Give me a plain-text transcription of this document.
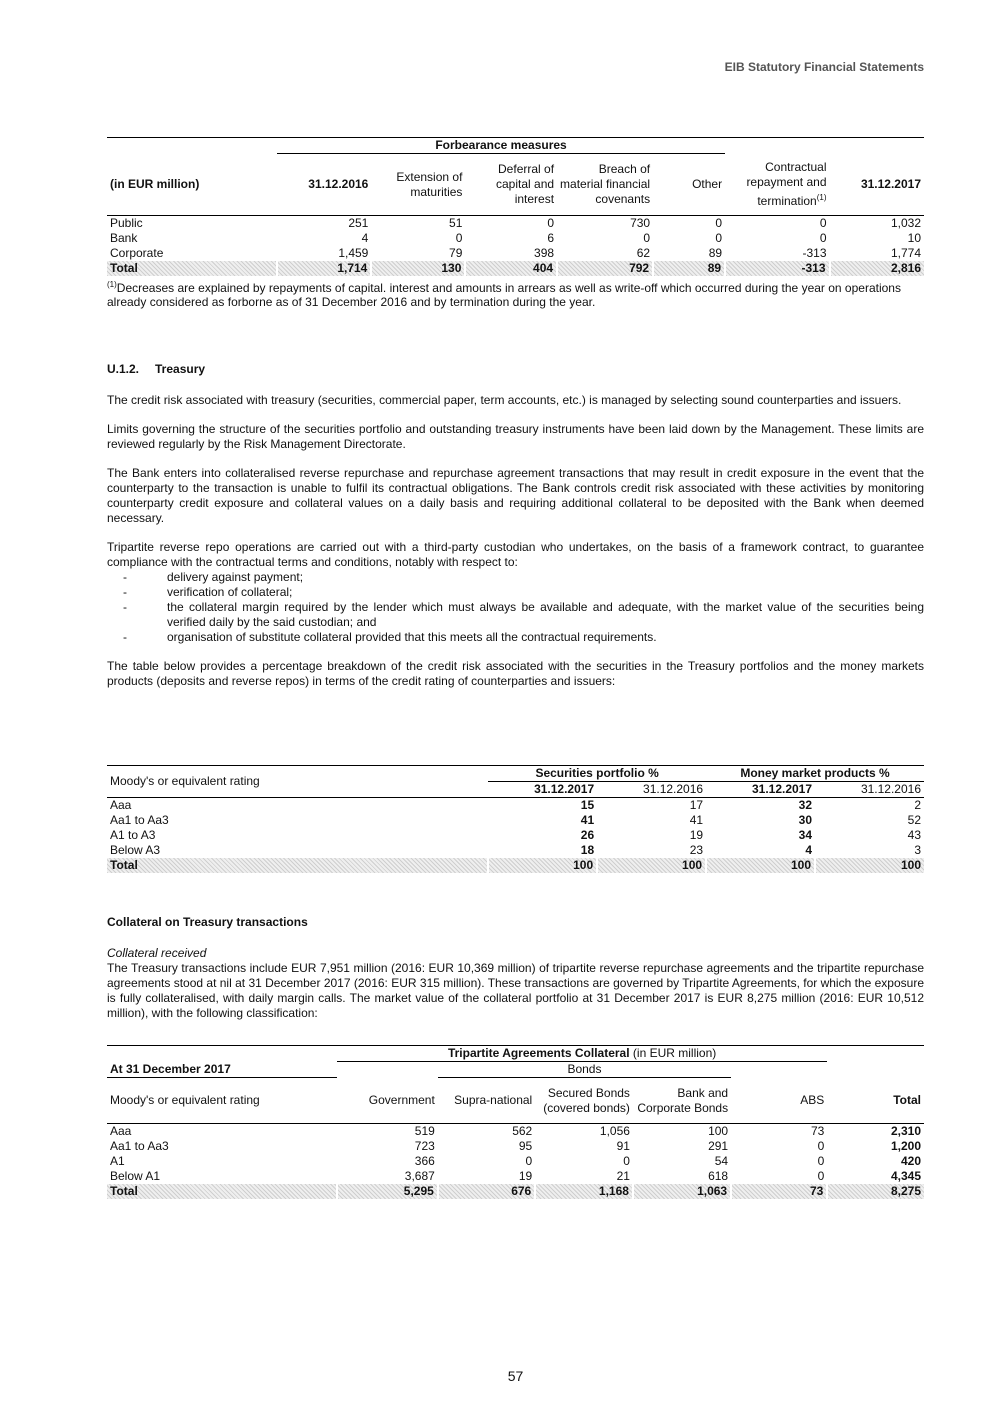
EIB Statutory Financial Statements
	Forbearance measures						
(in EUR million)	31.12.2016	Extension of maturities	Deferral of capital and interest	Breach of material financial covenants	Other	Contractual repayment and termination$^{(1)}$	31.12.2017
Public	251	51	0	730	0	0	1,032
Bank	4	0	6	0	0	0	10
Corporate	1,459	79	398	62	89	-313	1,774
Total	1,714	130	404	792	89	-313	2,816
$^{(1)}$Decreases are explained by repayments of capital. interest and amounts in arrears as well as write-off which occurred during the year on operations already considered as forborne as of 31 December 2016 and by termination during the year.
U.1.2. Treasury

The credit risk associated with treasury (securities, commercial paper, term accounts, etc.) is managed by selecting sound counterparties and issuers.

Limits governing the structure of the securities portfolio and outstanding treasury instruments have been laid down by the Management. These limits are reviewed regularly by the Risk Management Directorate.

The Bank enters into collateralised reverse repurchase and repurchase agreement transactions that may result in credit exposure in the event that the counterparty to the transaction is unable to fulfil its contractual obligations. The Bank controls credit risk associated with these activities by monitoring counterparty credit exposure and collateral values on a daily basis and requiring additional collateral to be deposited with the Bank when deemed necessary.

Tripartite reverse repo operations are carried out with a third-party custodian who undertakes, on the basis of a framework contract, to guarantee compliance with the contractual terms and conditions, notably with respect to:

-	delivery against payment;
-	verification of collateral;
-	the collateral margin required by the lender which must always be available and adequate, with the market value of the securities being verified daily by the said custodian; and
-	organisation of substitute collateral provided that this meets all the contractual requirements.

The table below provides a percentage breakdown of the credit risk associated with the securities in the Treasury portfolios and the money markets products (deposits and reverse repos) in terms of the credit rating of counterparties and issuers:

Moody's or equivalent rating	Securities portfolio %		Money market products %	
	31.12.2017	31.12.2016	31.12.2017	31.12.2016
Aaa	15	17	32	2
Aa1 to Aa3	41	41	30	52
A1 to A3	26	19	34	43
Below A3	18	23	4	3
Total	100	100	100	100
Collateral on Treasury transactions
Collateral received

The Treasury transactions include EUR 7,951 million (2016: EUR 10,369 million) of tripartite reverse repurchase agreements and the tripartite repurchase agreements stood at nil at 31 December 2017 (2016: EUR 315 million). These transactions are governed by Tripartite Agreements, for which the exposure is fully collateralised, with daily margin calls. The market value of the collateral portfolio at 31 December 2017 is EUR 8,275 million (2016: EUR 10,512 million), with the following classification:

	Tripartite Agreements Collateral (in EUR million)					
At 31 December 2017		Bonds				
Moody's or equivalent rating	Government	Supra-national	Secured Bonds (covered bonds)	Bank and Corporate Bonds	ABS	Total
Aaa	519	562	1,056	100	73	2,310
Aa1 to Aa3	723	95	91	291	0	1,200
A1	366	0	0	54	0	420
Below A1	3,687	19	21	618	0	4,345
Total	5,295	676	1,168	1,063	73	8,275
57
